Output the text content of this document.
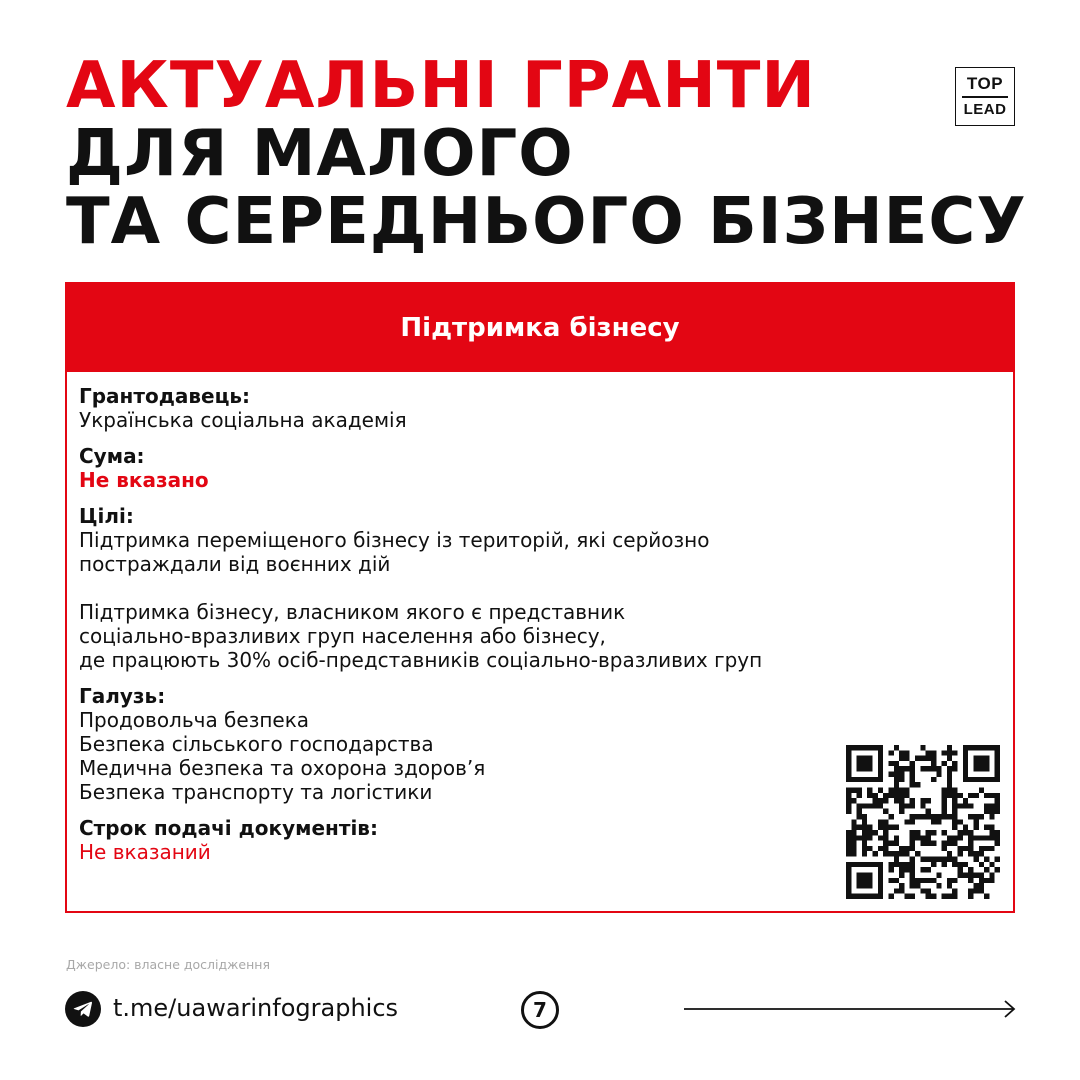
АКТУАЛЬНІ ГРАНТИ
ДЛЯ МАЛОГО
ТА СЕРЕДНЬОГО БІЗНЕСУ
TOP
LEAD
Підтримка бізнесу
Грантодавець:
Українська соціальна академія
Сума:
Не вказано
Цілі:
Підтримка переміщеного бізнесу із територій, які серйозно
постраждали від воєнних дій
Підтримка бізнесу, власником якого є представник
соціально-вразливих груп населення або бізнесу,
де працюють 30% осіб-представників соціально-вразливих груп
Галузь:
Продовольча безпека
Безпека сільського господарства
Медична безпека та охорона здоров’я
Безпека транспорту та логістики
Строк подачі документів:
Не вказаний
Джерело: власне дослідження
t.me/uawarinfographics	7
